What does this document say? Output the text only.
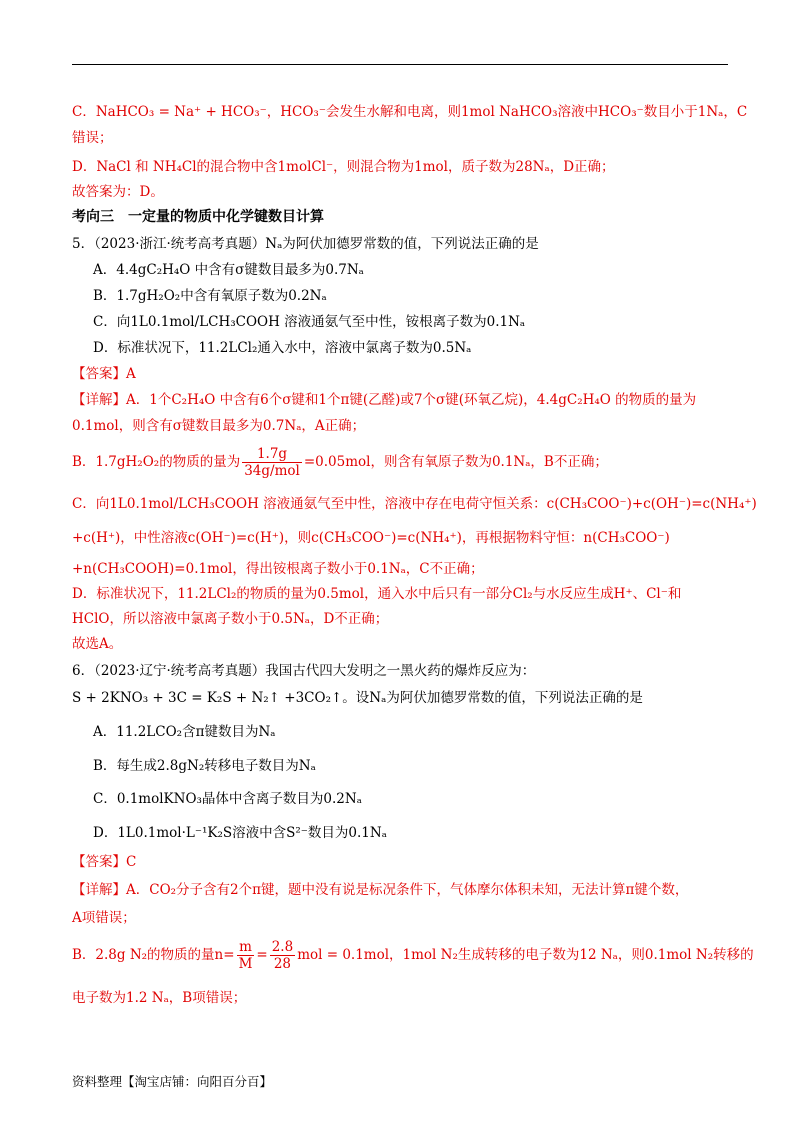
C．NaHCO₃ = Na⁺ + HCO₃⁻，HCO₃⁻会发生水解和电离，则1mol NaHCO₃溶液中HCO₃⁻数目小于1Nₐ，C
错误；
D．NaCl 和 NH₄Cl的混合物中含1molCl⁻，则混合物为1mol，质子数为28Nₐ，D正确；
故答案为：D。
考向三　一定量的物质中化学键数目计算
5．（2023·浙江·统考高考真题）Nₐ为阿伏加德罗常数的值，下列说法正确的是
A．4.4gC₂H₄O 中含有σ键数目最多为0.7Nₐ
B．1.7gH₂O₂中含有氧原子数为0.2Nₐ
C．向1L0.1mol/LCH₃COOH 溶液通氨气至中性，铵根离子数为0.1Nₐ
D．标准状况下，11.2LCl₂通入水中，溶液中氯离子数为0.5Nₐ
【答案】A
【详解】A．1个C₂H₄O 中含有6个σ键和1个π键(乙醛)或7个σ键(环氧乙烷)，4.4gC₂H₄O 的物质的量为
0.1mol，则含有σ键数目最多为0.7Nₐ，A正确；
B．1.7gH₂O₂的物质的量为 $\frac{1.7g}{\text{34g/mol}} =0.05mol$，则含有氧原子数为0.1Nₐ，B不正确；
C．向1L0.1mol/LCH₃COOH 溶液通氨气至中性，溶液中存在电荷守恒关系：c(CH₃COO⁻)+c(OH⁻)=c(NH₄⁺)
+c(H⁺)，中性溶液c(OH⁻)=c(H⁺)，则c(CH₃COO⁻)=c(NH₄⁺)，再根据物料守恒：n(CH₃COO⁻)
+n(CH₃COOH)=0.1mol，得出铵根离子数小于0.1Nₐ，C不正确；
D．标准状况下，11.2LCl₂的物质的量为0.5mol，通入水中后只有一部分Cl₂与水反应生成H⁺、Cl⁻和
HClO，所以溶液中氯离子数小于0.5Nₐ，D不正确；
故选A。
6．（2023·辽宁·统考高考真题）我国古代四大发明之一黑火药的爆炸反应为：
S + 2KNO₃ + 3C = K₂S + N₂↑ +3CO₂↑。设Nₐ为阿伏加德罗常数的值，下列说法正确的是
A．11.2LCO₂含π键数目为Nₐ
B．每生成2.8gN₂转移电子数目为Nₐ
C．0.1molKNO₃晶体中含离子数目为0.2Nₐ
D．1L0.1mol·L⁻¹K₂S溶液中含S²⁻数目为0.1Nₐ
【答案】C
【详解】A．CO₂分子含有2个π键，题中没有说是标况条件下，气体摩尔体积未知，无法计算π键个数，
A项错误；
B．2.8g N₂的物质的量$n= \frac{m}{M} = \frac{2.8}{28}$ mol = 0.1mol，1mol N₂生成转移的电子数为12 Nₐ，则0.1mol N₂转移的
电子数为1.2 Nₐ，B项错误；
资料整理【淘宝店铺：向阳百分百】
